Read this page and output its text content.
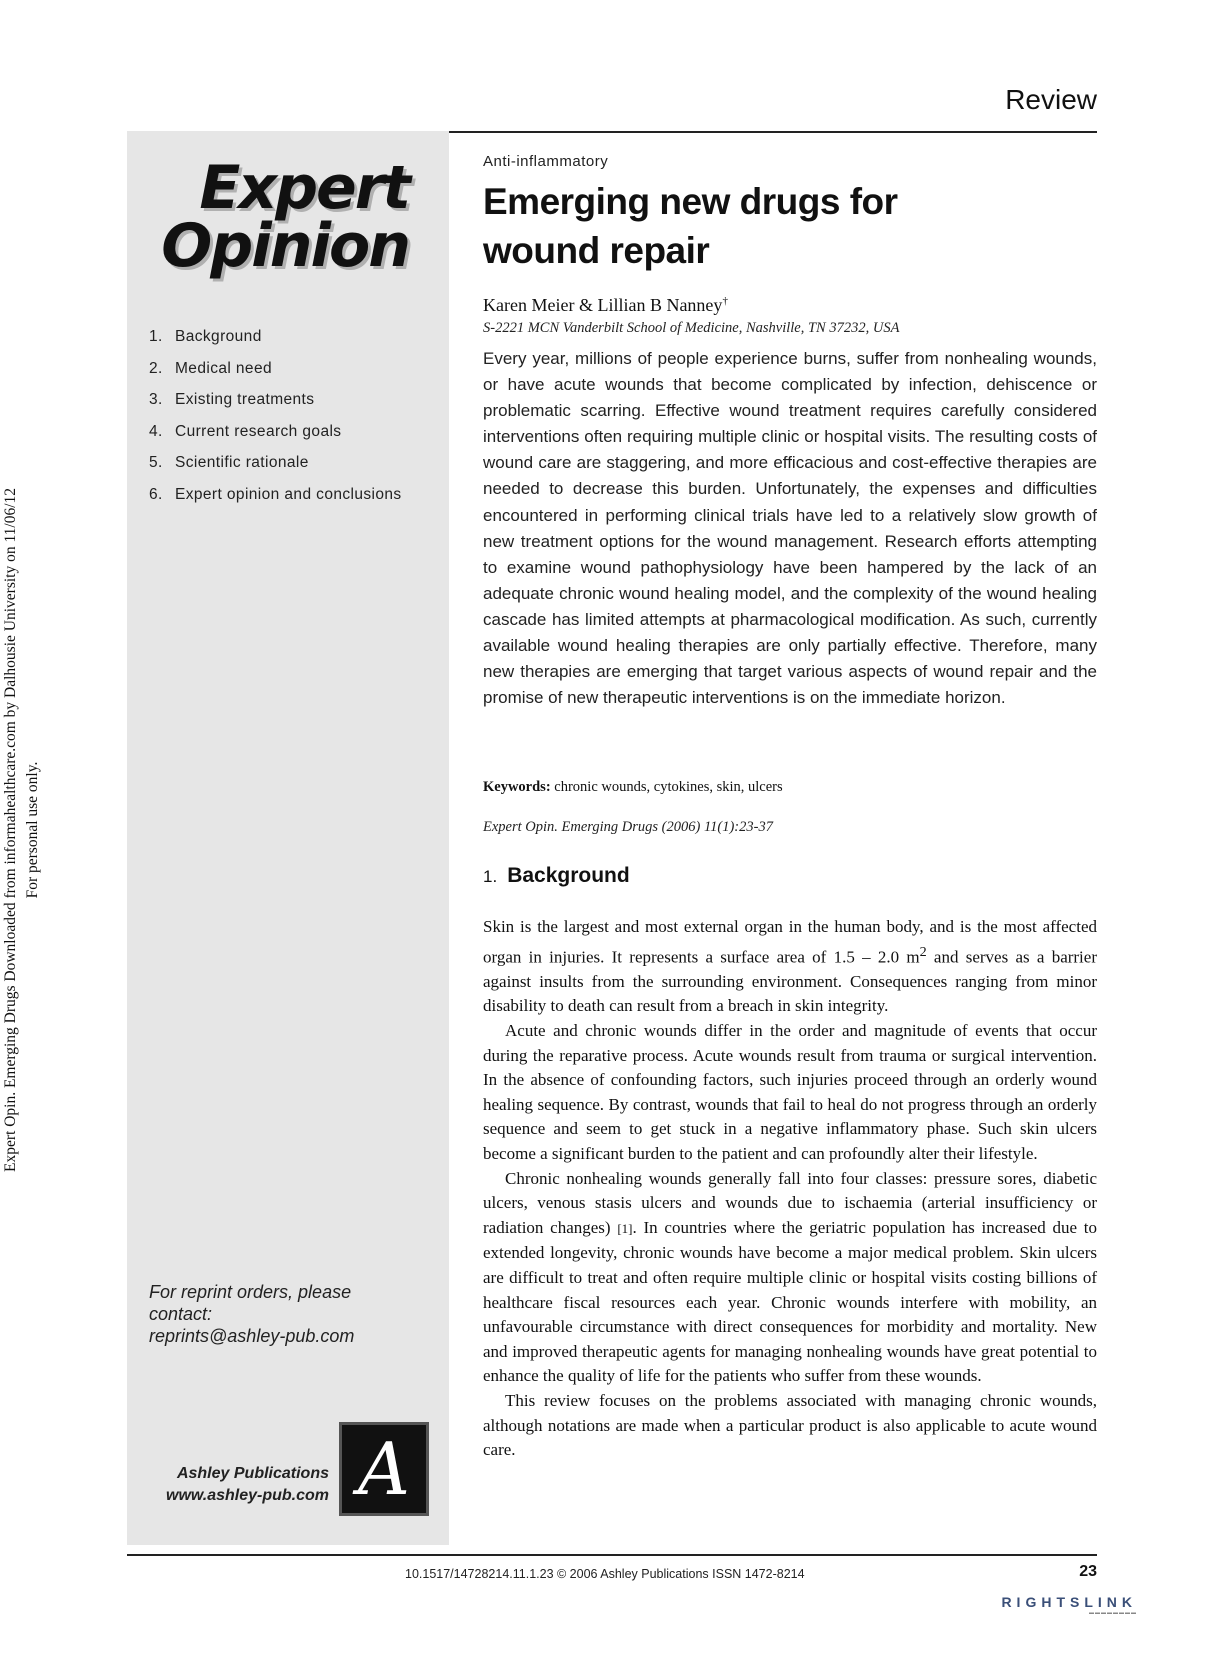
Expert Opin. Emerging Drugs Downloaded from informahealthcare.com by Dalhousie University on 11/06/12 For personal use only.
Review
Expert
Opinion
1. Background
2. Medical need
3. Existing treatments
4. Current research goals
5. Scientific rationale
6. Expert opinion and conclusions
For reprint orders, please
contact:
reprints@ashley-pub.com
Ashley Publications
www.ashley-pub.com A
Anti-inflammatory
Emerging new drugs for
wound repair
Karen Meier & Lillian B Nanney†
S-2221 MCN Vanderbilt School of Medicine, Nashville, TN 37232, USA

Every year, millions of people experience burns, suffer from nonhealing wounds, or have acute wounds that become complicated by infection, dehiscence or problematic scarring. Effective wound treatment requires carefully considered interventions often requiring multiple clinic or hospital visits. The resulting costs of wound care are staggering, and more efficacious and cost-effective therapies are needed to decrease this burden. Unfortunately, the expenses and difficulties encountered in performing clinical trials have led to a relatively slow growth of new treatment options for the wound management. Research efforts attempting to examine wound pathophysiology have been hampered by the lack of an adequate chronic wound healing model, and the complexity of the wound healing cascade has limited attempts at pharmacological modification. As such, currently available wound healing therapies are only partially effective. Therefore, many new therapies are emerging that target various aspects of wound repair and the promise of new therapeutic interventions is on the immediate horizon.

Keywords: chronic wounds, cytokines, skin, ulcers
Expert Opin. Emerging Drugs (2006) 11(1):23-37
1. Background

Skin is the largest and most external organ in the human body, and is the most affected organ in injuries. It represents a surface area of 1.5 – 2.0 $m^2$ and serves as a barrier against insults from the surrounding environment. Consequences ranging from minor disability to death can result from a breach in skin integrity.

Acute and chronic wounds differ in the order and magnitude of events that occur during the reparative process. Acute wounds result from trauma or surgical intervention. In the absence of confounding factors, such injuries proceed through an orderly wound healing sequence. By contrast, wounds that fail to heal do not progress through an orderly sequence and seem to get stuck in a negative inflammatory phase. Such skin ulcers become a significant burden to the patient and can profoundly alter their lifestyle.

Chronic nonhealing wounds generally fall into four classes: pressure sores, diabetic ulcers, venous stasis ulcers and wounds due to ischaemia (arterial insufficiency or radiation changes) [1]. In countries where the geriatric population has increased due to extended longevity, chronic wounds have become a major medical problem. Skin ulcers are difficult to treat and often require multiple clinic or hospital visits costing billions of healthcare fiscal resources each year. Chronic wounds interfere with mobility, an unfavourable circumstance with direct consequences for morbidity and mortality. New and improved therapeutic agents for managing nonhealing wounds have great potential to enhance the quality of life for the patients who suffer from these wounds.

This review focuses on the problems associated with managing chronic wounds, although notations are made when a particular product is also applicable to acute wound care.

10.1517/14728214.11.1.23 © 2006 Ashley Publications ISSN 1472-8214	23
RIGHTSLINK
▬▬▬▬▬▬▬▬
